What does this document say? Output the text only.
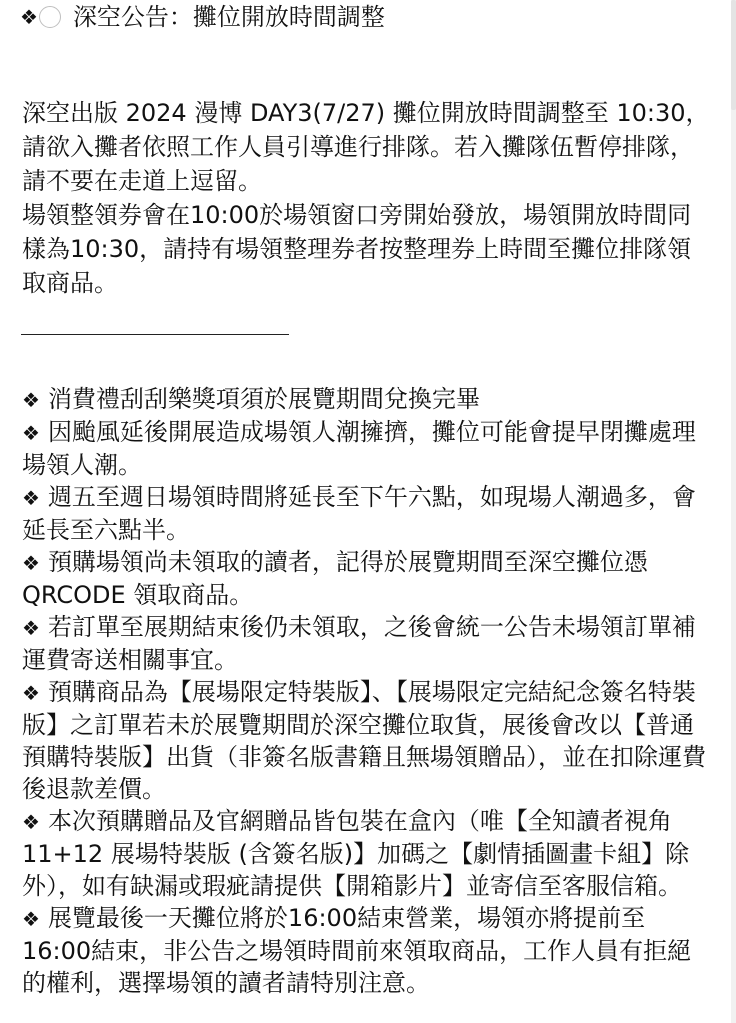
❖ 深空公告：攤位開放時間調整

深空出版 2024 漫博 DAY3(7/27) 攤位開放時間調整至 10:30，請欲入攤者依照工作人員引導進行排隊。若入攤隊伍暫停排隊，請不要在走道上逗留。

場領整領券會在10:00於場領窗口旁開始發放，場領開放時間同樣為10:30，請持有場領整理券者按整理券上時間至攤位排隊領取商品。

❖ 消費禮刮刮樂獎項須於展覽期間兌換完畢
❖ 因颱風延後開展造成場領人潮擁擠，攤位可能會提早閉攤處理場領人潮。
❖ 週五至週日場領時間將延長至下午六點，如現場人潮過多，會延長至六點半。
❖ 預購場領尚未領取的讀者，記得於展覽期間至深空攤位憑 QRCODE 領取商品。
❖ 若訂單至展期結束後仍未領取，之後會統一公告未場領訂單補運費寄送相關事宜。
❖ 預購商品為【展場限定特裝版】、【展場限定完結紀念簽名特裝版】之訂單若未於展覽期間於深空攤位取貨，展後會改以【普通預購特裝版】出貨（非簽名版書籍且無場領贈品），並在扣除運費後退款差價。
❖ 本次預購贈品及官網贈品皆包裝在盒內（唯【全知讀者視角 11+12 展場特裝版 (含簽名版)】加碼之【劇情插圖畫卡組】除外），如有缺漏或瑕疵請提供【開箱影片】並寄信至客服信箱。
❖ 展覽最後一天攤位將於16:00結束營業，場領亦將提前至16:00結束，非公告之場領時間前來領取商品，工作人員有拒絕的權利，選擇場領的讀者請特別注意。
